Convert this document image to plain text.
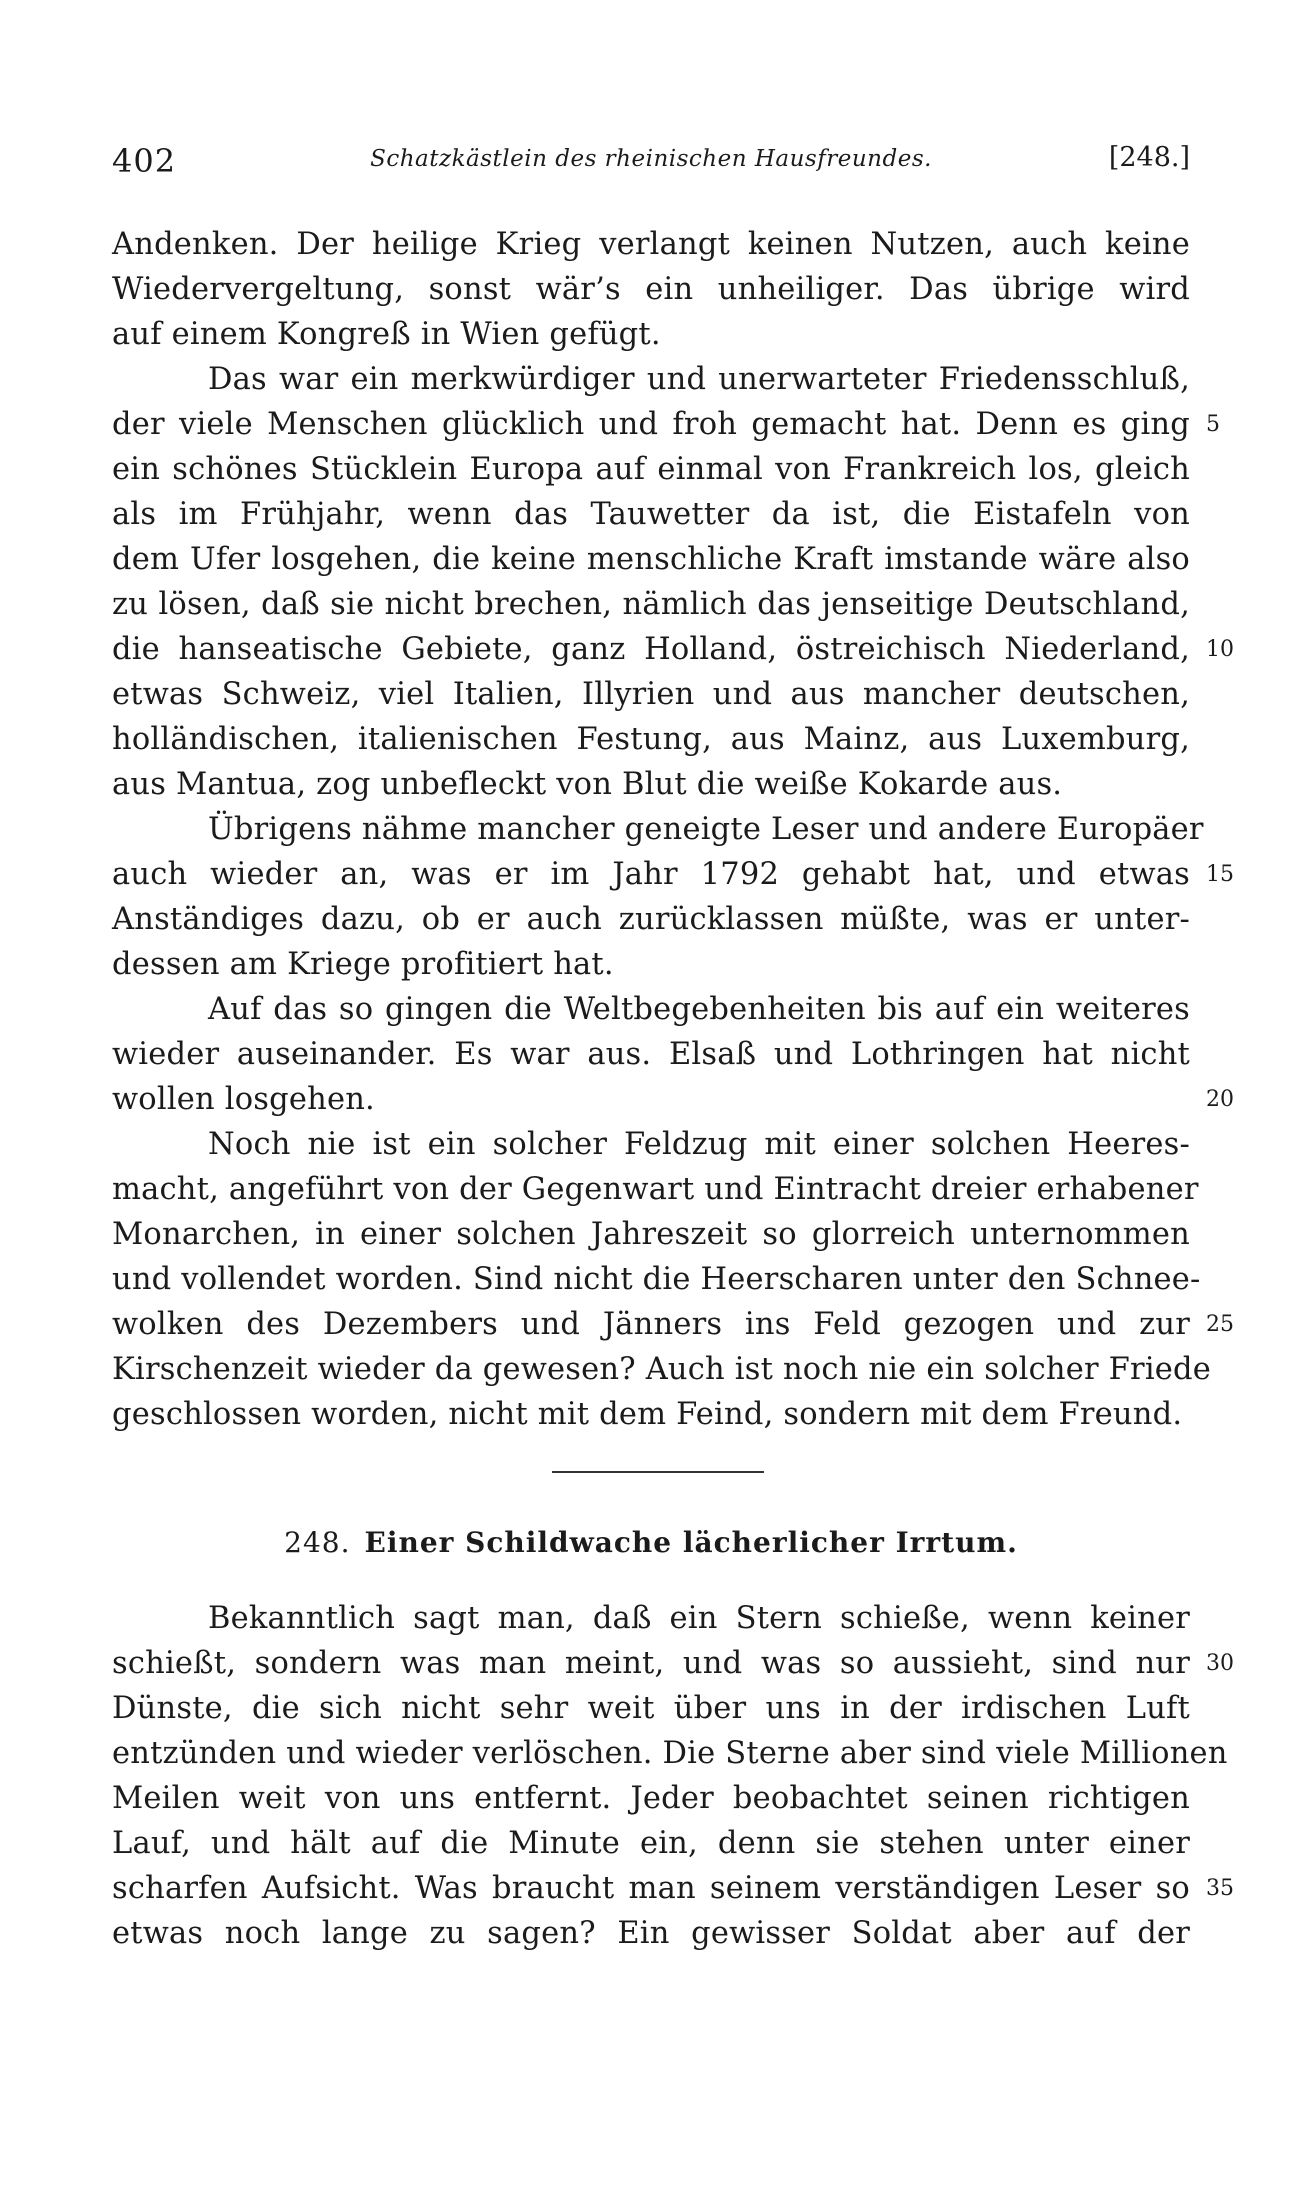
402	Schatzkästlein des rheinischen Hausfreundes.	[248.]
Andenken. Der heilige Krieg verlangt keinen Nutzen, auch keine
Wiedervergeltung, sonst wär’s ein unheiliger. Das übrige wird
auf einem Kongreß in Wien gefügt.
Das war ein merkwürdiger und unerwarteter Friedensschluß,
der viele Menschen glücklich und froh gemacht hat. Denn es ging 5
ein schönes Stücklein Europa auf einmal von Frankreich los, gleich
als im Frühjahr, wenn das Tauwetter da ist, die Eistafeln von
dem Ufer losgehen, die keine menschliche Kraft imstande wäre also
zu lösen, daß sie nicht brechen, nämlich das jenseitige Deutschland,
die hanseatische Gebiete, ganz Holland, östreichisch Niederland, 10
etwas Schweiz, viel Italien, Illyrien und aus mancher deutschen,
holländischen, italienischen Festung, aus Mainz, aus Luxemburg,
aus Mantua, zog unbefleckt von Blut die weiße Kokarde aus.
Übrigens nähme mancher geneigte Leser und andere Europäer
auch wieder an, was er im Jahr 1792 gehabt hat, und etwas 15
Anständiges dazu, ob er auch zurücklassen müßte, was er unter-
dessen am Kriege profitiert hat.
Auf das so gingen die Weltbegebenheiten bis auf ein weiteres
wieder auseinander. Es war aus. Elsaß und Lothringen hat nicht
wollen losgehen.	20
Noch nie ist ein solcher Feldzug mit einer solchen Heeres-
macht, angeführt von der Gegenwart und Eintracht dreier erhabener
Monarchen, in einer solchen Jahreszeit so glorreich unternommen
und vollendet worden. Sind nicht die Heerscharen unter den Schnee-
wolken des Dezembers und Jänners ins Feld gezogen und zur 25
Kirschenzeit wieder da gewesen? Auch ist noch nie ein solcher Friede
geschlossen worden, nicht mit dem Feind, sondern mit dem Freund.
248. Einer Schildwache lächerlicher Irrtum.
Bekanntlich sagt man, daß ein Stern schieße, wenn keiner
schießt, sondern was man meint, und was so aussieht, sind nur 30
Dünste, die sich nicht sehr weit über uns in der irdischen Luft
entzünden und wieder verlöschen. Die Sterne aber sind viele Millionen
Meilen weit von uns entfernt. Jeder beobachtet seinen richtigen
Lauf, und hält auf die Minute ein, denn sie stehen unter einer
scharfen Aufsicht. Was braucht man seinem verständigen Leser so 35
etwas noch lange zu sagen? Ein gewisser Soldat aber auf der
